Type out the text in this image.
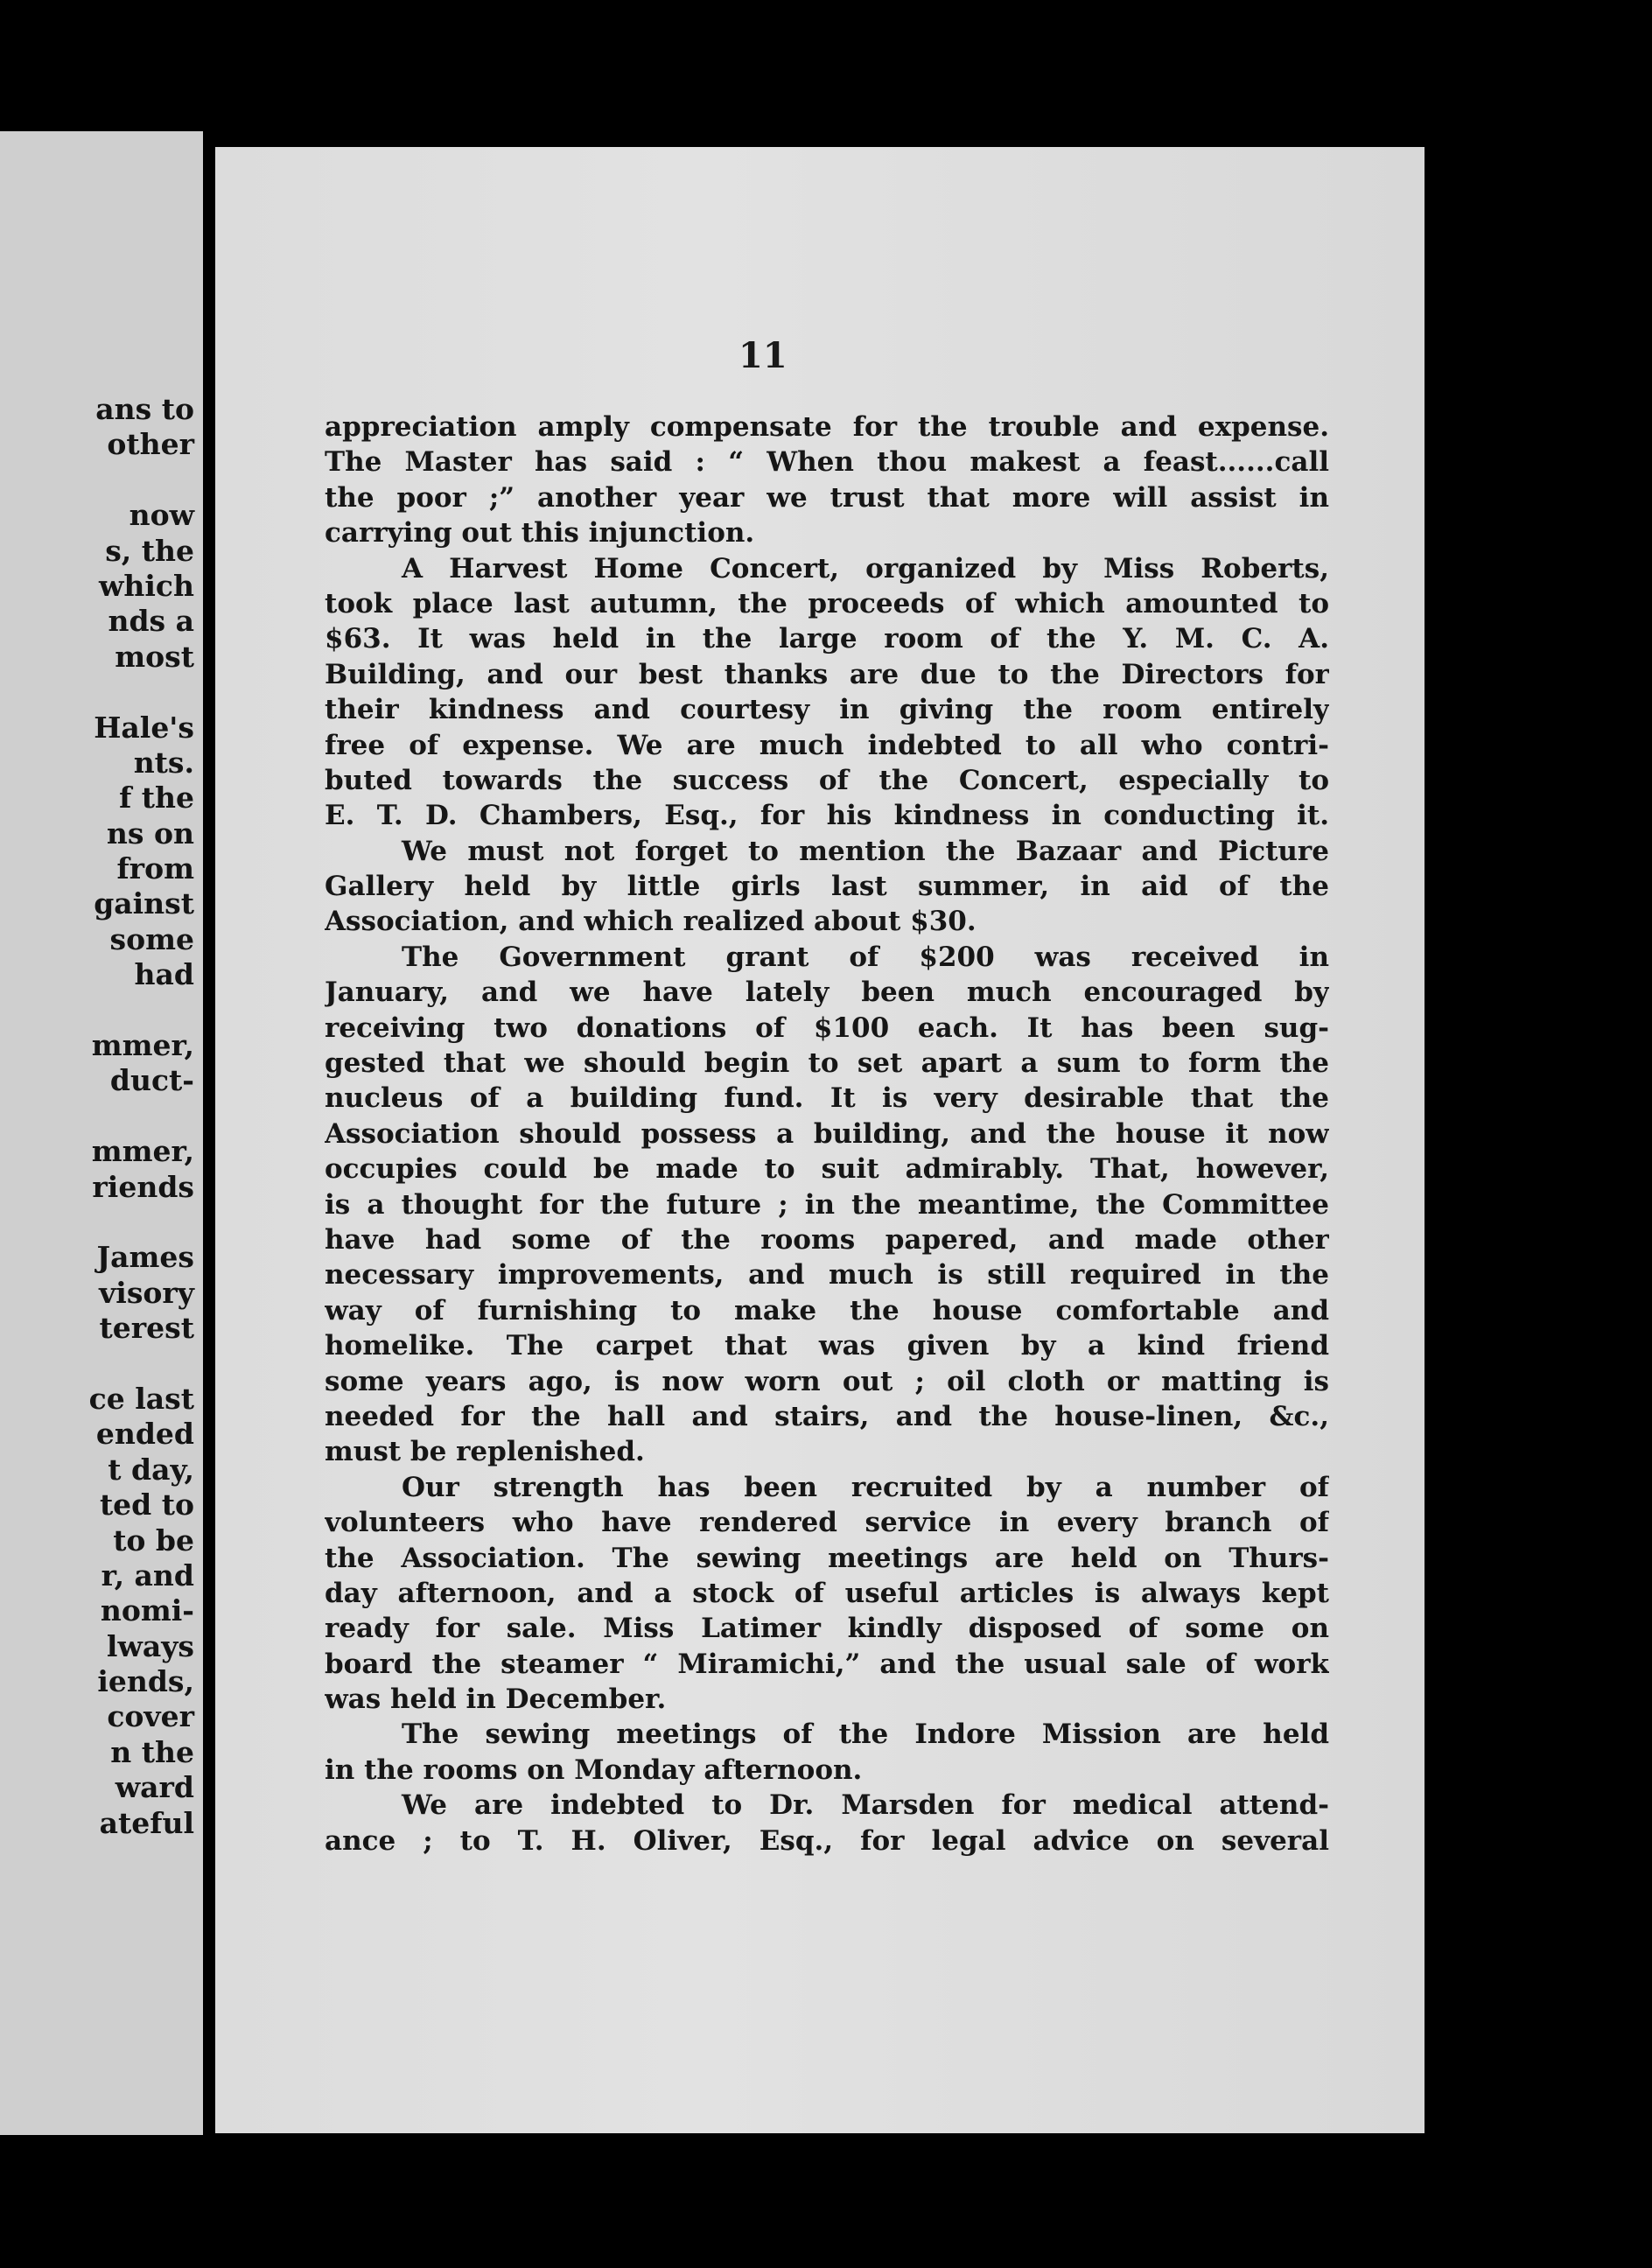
ans to
other
now
s, the
which
nds a
most
Hale's
nts.
f the
ns on
from
gainst
some
had
mmer,
duct-
mmer,
riends
James
visory
terest
ce last
ended
t day,
ted to
to be
r, and
nomi-
lways
iends,
cover
n the
ward
ateful

11

appreciation amply compensate for the trouble and expense.
The Master has said : “ When thou makest a feast......call
the poor ;” another year we trust that more will assist in
carrying out this injunction.
A Harvest Home Concert, organized by Miss Roberts,
took place last autumn, the proceeds of which amounted to
$63. It was held in the large room of the Y. M. C. A.
Building, and our best thanks are due to the Directors for
their kindness and courtesy in giving the room entirely
free of expense. We are much indebted to all who contri-
buted towards the success of the Concert, especially to
E. T. D. Chambers, Esq., for his kindness in conducting it.
We must not forget to mention the Bazaar and Picture
Gallery held by little girls last summer, in aid of the
Association, and which realized about $30.
The Government grant of $200 was received in
January, and we have lately been much encouraged by
receiving two donations of $100 each. It has been sug-
gested that we should begin to set apart a sum to form the
nucleus of a building fund. It is very desirable that the
Association should possess a building, and the house it now
occupies could be made to suit admirably. That, however,
is a thought for the future ; in the meantime, the Committee
have had some of the rooms papered, and made other
necessary improvements, and much is still required in the
way of furnishing to make the house comfortable and
homelike. The carpet that was given by a kind friend
some years ago, is now worn out ; oil cloth or matting is
needed for the hall and stairs, and the house-linen, &c.,
must be replenished.
Our strength has been recruited by a number of
volunteers who have rendered service in every branch of
the Association. The sewing meetings are held on Thurs-
day afternoon, and a stock of useful articles is always kept
ready for sale. Miss Latimer kindly disposed of some on
board the steamer “ Miramichi,” and the usual sale of work
was held in December.
The sewing meetings of the Indore Mission are held
in the rooms on Monday afternoon.
We are indebted to Dr. Marsden for medical attend-
ance ; to T. H. Oliver, Esq., for legal advice on several
